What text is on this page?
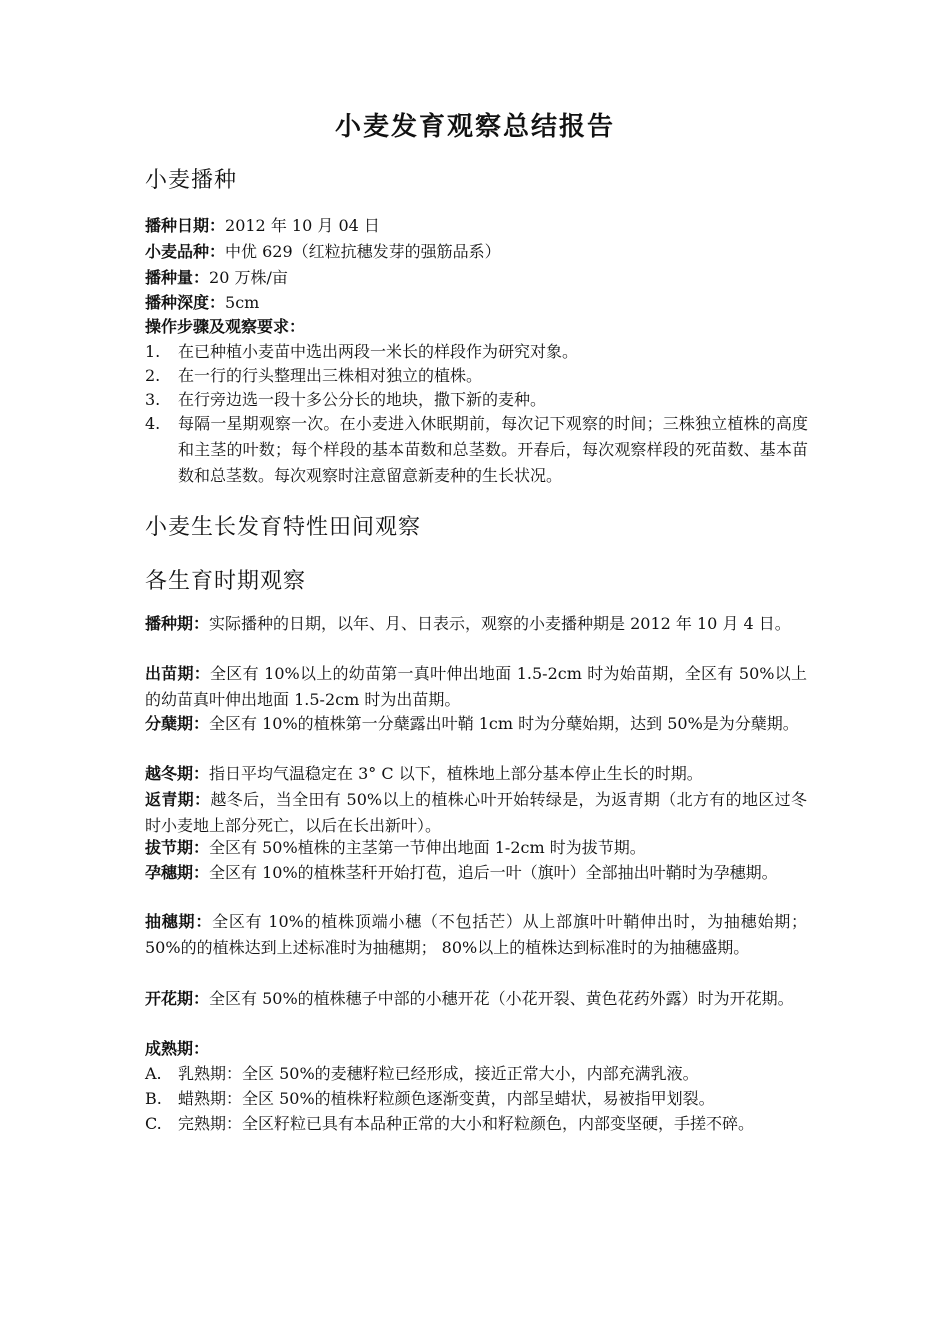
小麦发育观察总结报告
小麦播种
播种日期：2012 年 10 月 04 日
小麦品种：中优 629（红粒抗穗发芽的强筋品系）
播种量：20 万株/亩
播种深度：5cm
操作步骤及观察要求：
1. 在已种植小麦苗中选出两段一米长的样段作为研究对象。
2. 在一行的行头整理出三株相对独立的植株。
3. 在行旁边选一段十多公分长的地块，撒下新的麦种。
4. 每隔一星期观察一次。在小麦进入休眠期前，每次记下观察的时间；三株独立植株的高度和主茎的叶数；每个样段的基本苗数和总茎数。开春后，每次观察样段的死苗数、基本苗数和总茎数。每次观察时注意留意新麦种的生长状况。
小麦生长发育特性田间观察
各生育时期观察
播种期：实际播种的日期，以年、月、日表示，观察的小麦播种期是 2012 年 10 月 4 日。
出苗期：全区有 10%以上的幼苗第一真叶伸出地面 1.5-2cm 时为始苗期，全区有 50%以上的幼苗真叶伸出地面 1.5-2cm 时为出苗期。
分蘖期：全区有 10%的植株第一分蘖露出叶鞘 1cm 时为分蘖始期，达到 50%是为分蘖期。
越冬期：指日平均气温稳定在 3° C 以下，植株地上部分基本停止生长的时期。
返青期：越冬后，当全田有 50%以上的植株心叶开始转绿是，为返青期（北方有的地区过冬时小麦地上部分死亡，以后在长出新叶）。
拔节期：全区有 50%植株的主茎第一节伸出地面 1-2cm 时为拔节期。
孕穗期：全区有 10%的植株茎秆开始打苞，追后一叶（旗叶）全部抽出叶鞘时为孕穗期。
抽穗期：全区有 10%的植株顶端小穗（不包括芒）从上部旗叶叶鞘伸出时，为抽穗始期；50%的的植株达到上述标准时为抽穗期； 80%以上的植株达到标准时的为抽穗盛期。
开花期：全区有 50%的植株穗子中部的小穗开花（小花开裂、黄色花药外露）时为开花期。
成熟期：
A. 乳熟期：全区 50%的麦穗籽粒已经形成，接近正常大小，内部充满乳液。
B. 蜡熟期：全区 50%的植株籽粒颜色逐渐变黄，内部呈蜡状，易被指甲划裂。
C. 完熟期：全区籽粒已具有本品种正常的大小和籽粒颜色，内部变坚硬，手搓不碎。
